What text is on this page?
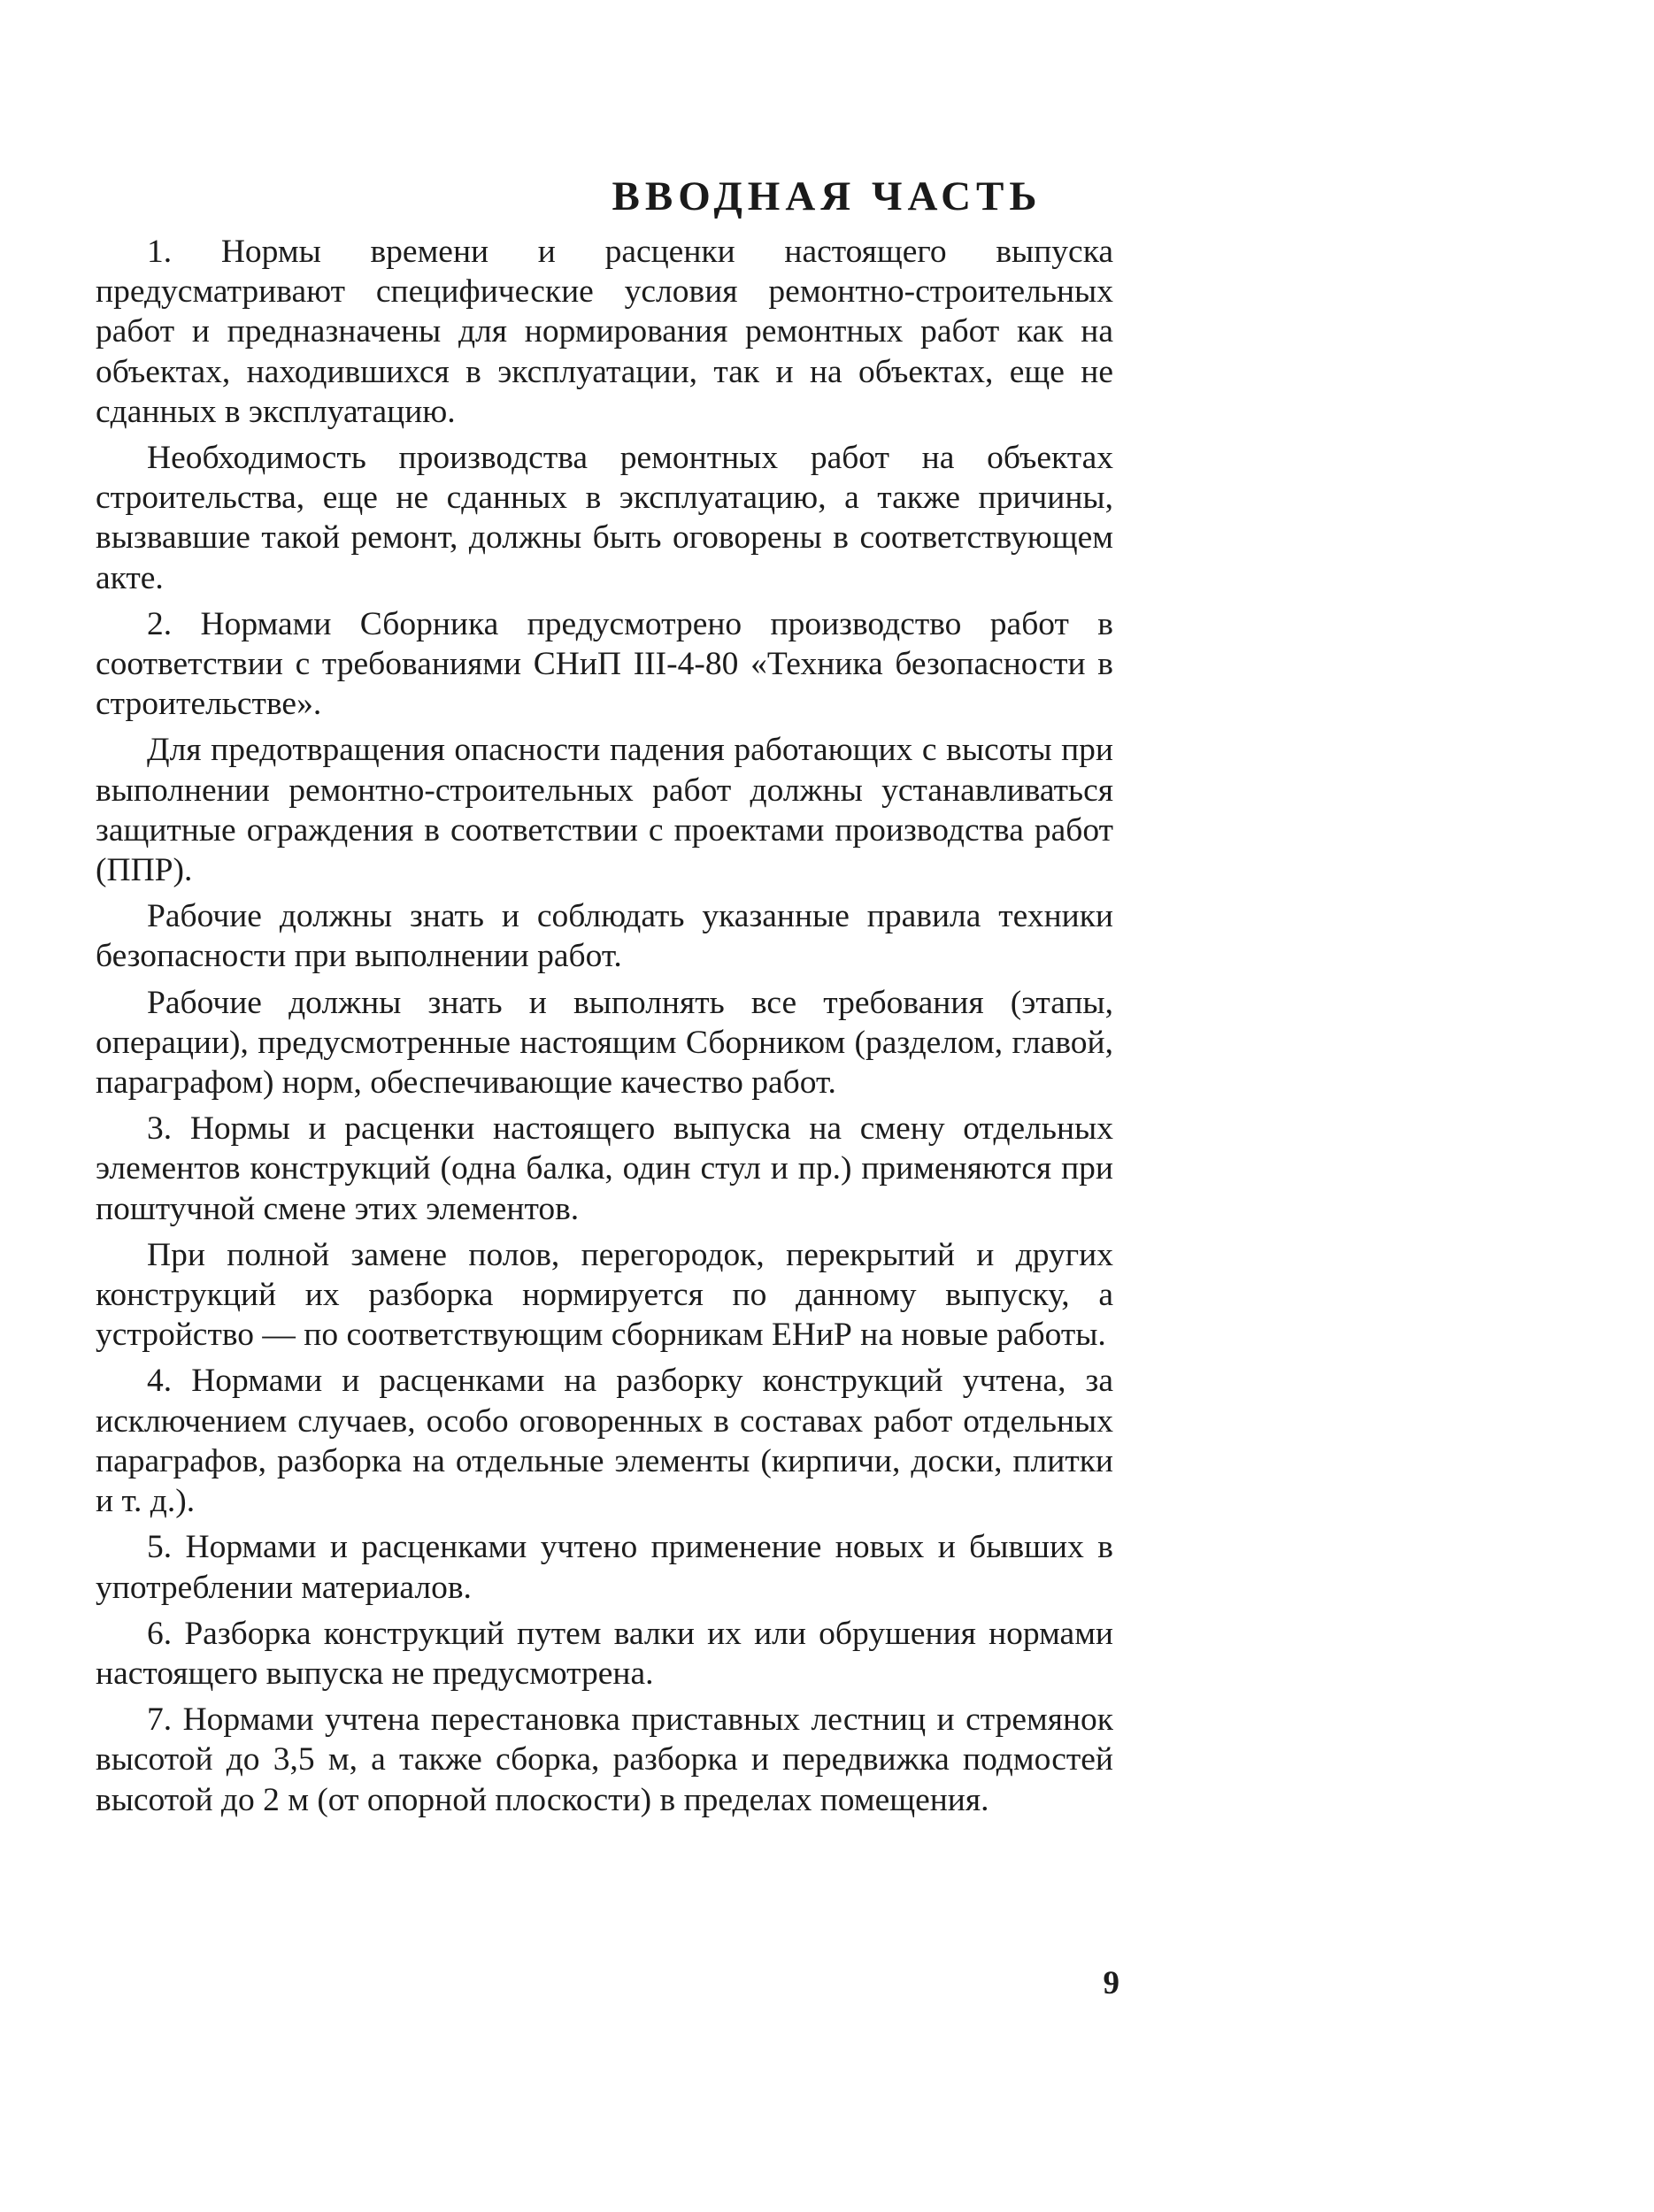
ВВОДНАЯ ЧАСТЬ

1. Нормы времени и расценки настоящего выпуска предусматривают специфические условия ремонтно-строительных работ и предназначены для нормирования ремонтных работ как на объектах, находившихся в эксплуатации, так и на объектах, еще не сданных в эксплуатацию.

Необходимость производства ремонтных работ на объектах строительства, еще не сданных в эксплуатацию, а также причины, вызвавшие такой ремонт, должны быть оговорены в соответствующем акте.

2. Нормами Сборника предусмотрено производство работ в соответствии с требованиями СНиП III-4-80 «Техника безопасности в строительстве».

Для предотвращения опасности падения работающих с высоты при выполнении ремонтно-строительных работ должны устанавливаться защитные ограждения в соответствии с проектами производства работ (ППР).

Рабочие должны знать и соблюдать указанные правила техники безопасности при выполнении работ.

Рабочие должны знать и выполнять все требования (этапы, операции), предусмотренные настоящим Сборником (разделом, главой, параграфом) норм, обеспечивающие качество работ.

3. Нормы и расценки настоящего выпуска на смену отдельных элементов конструкций (одна балка, один стул и пр.) применяются при поштучной смене этих элементов.

При полной замене полов, перегородок, перекрытий и других конструкций их разборка нормируется по данному выпуску, а устройство — по соответствующим сборникам ЕНиР на новые работы.

4. Нормами и расценками на разборку конструкций учтена, за исключением случаев, особо оговоренных в составах работ отдельных параграфов, разборка на отдельные элементы (кирпичи, доски, плитки и т. д.).

5. Нормами и расценками учтено применение новых и бывших в употреблении материалов.

6. Разборка конструкций путем валки их или обрушения нормами настоящего выпуска не предусмотрена.

7. Нормами учтена перестановка приставных лестниц и стремянок высотой до 3,5 м, а также сборка, разборка и передвижка подмостей высотой до 2 м (от опорной плоскости) в пределах помещения.

9
